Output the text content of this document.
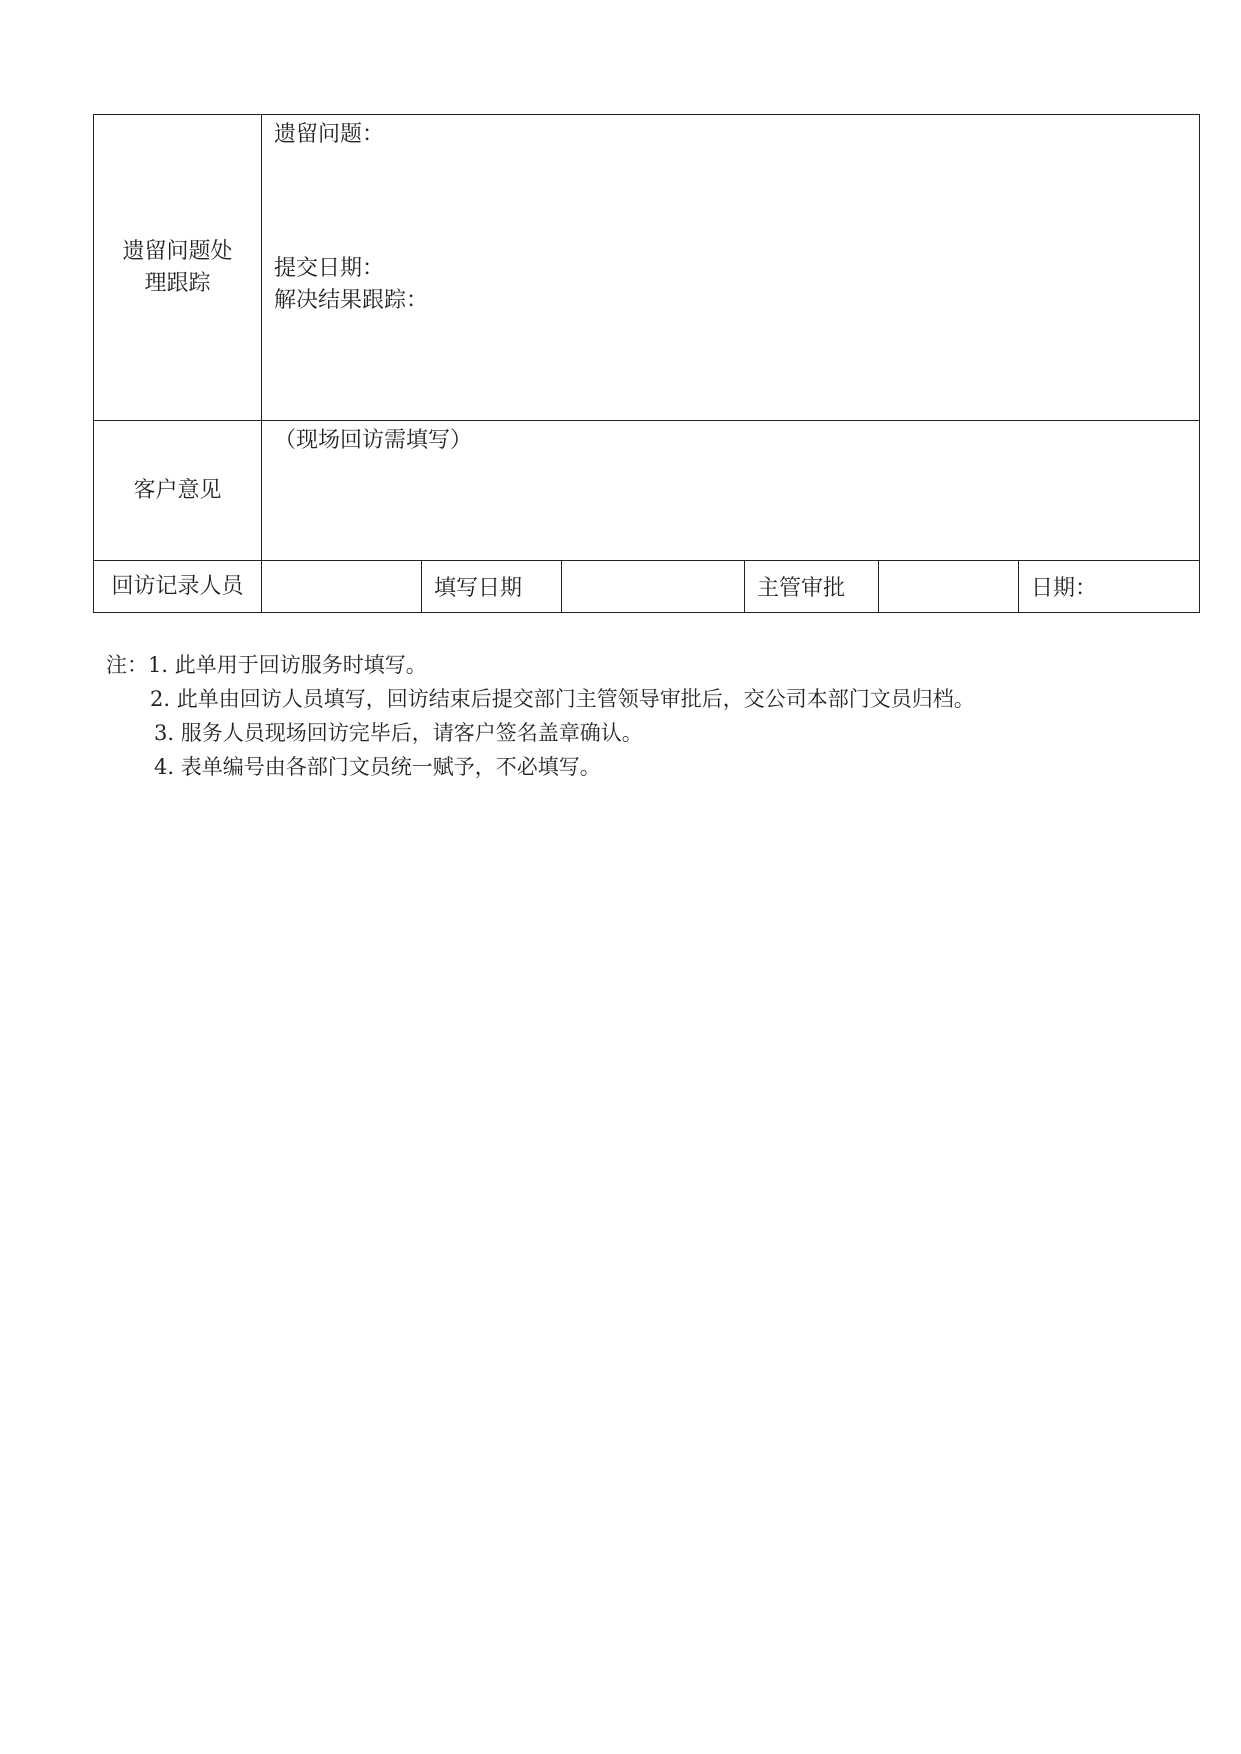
遗留问题处
理跟踪	遗留问题：
提交日期：
解决结果跟踪：					

客户意见	（现场回访需填写）					

回访记录人员		填写日期		主管审批		日期：
注：1. 此单用于回访服务时填写。
2. 此单由回访人员填写，回访结束后提交部门主管领导审批后，交公司本部门文员归档。
3. 服务人员现场回访完毕后，请客户签名盖章确认。
4. 表单编号由各部门文员统一赋予，不必填写。
